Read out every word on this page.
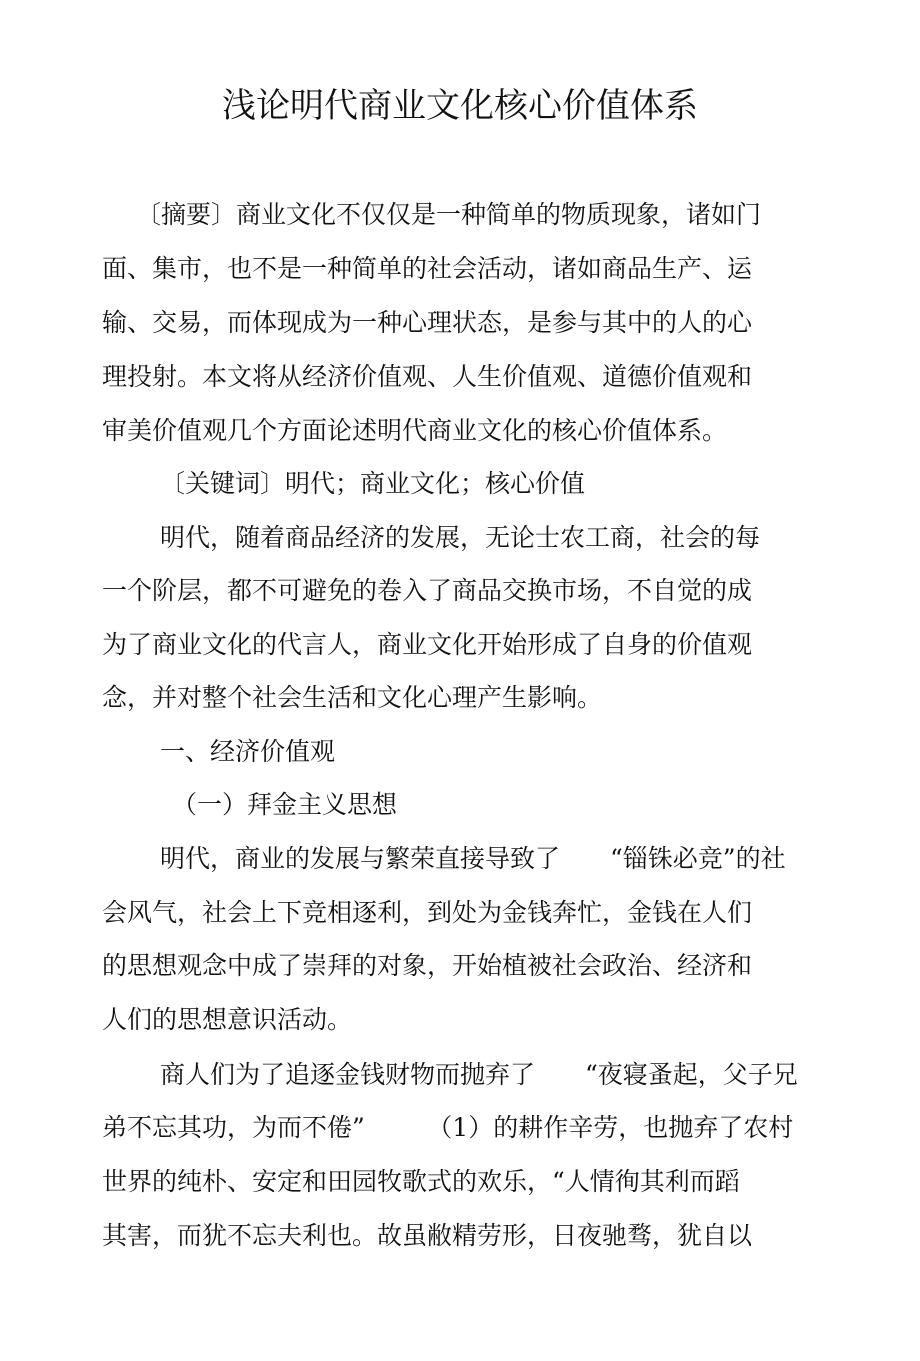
浅论明代商业文化核心价值体系
〔摘要〕商业文化不仅仅是一种简单的物质现象，诸如门
面、集市，也不是一种简单的社会活动，诸如商品生产、运
输、交易，而体现成为一种心理状态，是参与其中的人的心
理投射。本文将从经济价值观、人生价值观、道德价值观和
审美价值观几个方面论述明代商业文化的核心价值体系。
〔关键词〕明代；商业文化；核心价值
明代，随着商品经济的发展，无论士农工商，社会的每
一个阶层，都不可避免的卷入了商品交换市场，不自觉的成
为了商业文化的代言人，商业文化开始形成了自身的价值观
念，并对整个社会生活和文化心理产生影响。
一、经济价值观
（一）拜金主义思想
明代，商业的发展与繁荣直接导致了　　“锱铢必竞”的社
会风气，社会上下竞相逐利，到处为金钱奔忙，金钱在人们
的思想观念中成了崇拜的对象，开始植被社会政治、经济和
人们的思想意识活动。
商人们为了追逐金钱财物而抛弃了　　“夜寝蚤起，父子兄
弟不忘其功，为而不倦”　　　（1）的耕作辛劳，也抛弃了农村
世界的纯朴、安定和田园牧歌式的欢乐，“人情徇其利而蹈
其害，而犹不忘夫利也。故虽敝精劳形，日夜驰骛，犹自以
